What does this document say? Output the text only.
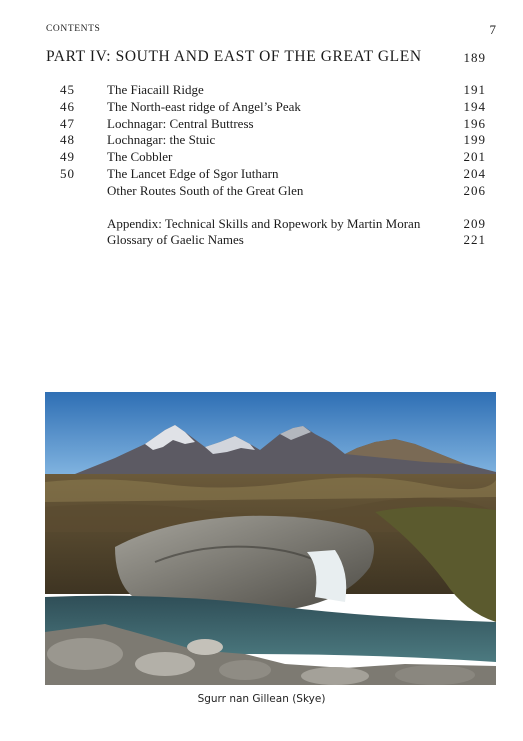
CONTENTS	7
PART IV: SOUTH AND EAST OF THE GREAT GLEN	189
45 The Fiacaill Ridge	191
46 The North-east ridge of Angel’s Peak	194
47 Lochnagar: Central Buttress	196
48 Lochnagar: the Stuic	199
49 The Cobbler	201
50 The Lancet Edge of Sgor Iutharn	204
Other Routes South of the Great Glen	206
Appendix: Technical Skills and Ropework by Martin Moran	209
Glossary of Gaelic Names	221
Sgurr nan Gillean (Skye)
